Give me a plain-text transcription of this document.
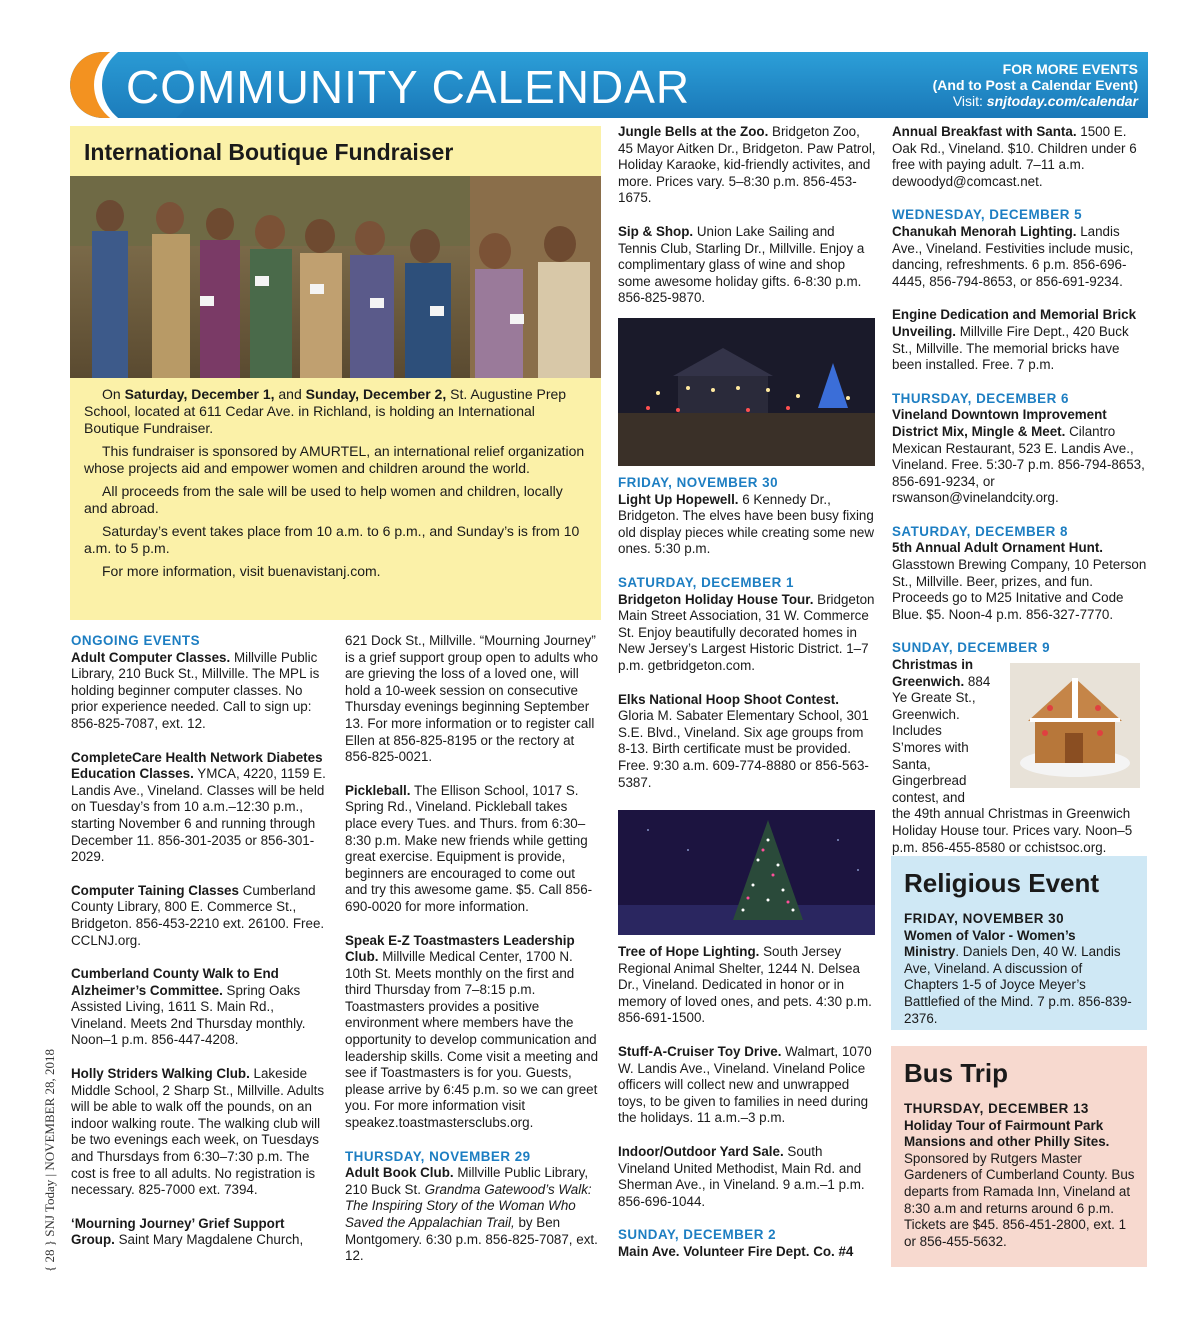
COMMUNITY CALENDAR	FOR MORE EVENTS
(And to Post a Calendar Event)
Visit: snjtoday.com/calendar
International Boutique Fundraiser

On Saturday, December 1, and Sunday, December 2, St. Augustine Prep School, located at 611 Cedar Ave. in Richland, is holding an International Boutique Fundraiser.

This fundraiser is sponsored by AMURTEL, an international relief organization whose projects aid and empower women and children around the world.

All proceeds from the sale will be used to help women and children, locally and abroad.

Saturday’s event takes place from 10 a.m. to 6 p.m., and Sunday’s is from 10 a.m. to 5 p.m.

For more information, visit buenavistanj.com.

ONGOING EVENTS
Adult Computer Classes. Millville Public Library, 210 Buck St., Millville. The MPL is holding beginner computer classes. No prior experience needed. Call to sign up: 856-825-7087, ext. 12.
CompleteCare Health Network Diabetes Education Classes. YMCA, 4220, 1159 E. Landis Ave., Vineland. Classes will be held on Tuesday’s from 10 a.m.–12:30 p.m., starting November 6 and running through December 11. 856-301-2035 or 856-301-2029.
Computer Taining Classes Cumberland County Library, 800 E. Commerce St., Bridgeton. 856-453-2210 ext. 26100. Free. CCLNJ.org.
Cumberland County Walk to End Alzheimer’s Committee. Spring Oaks Assisted Living, 1611 S. Main Rd., Vineland. Meets 2nd Thursday monthly. Noon–1 p.m. 856-447-4208.
Holly Striders Walking Club. Lakeside Middle School, 2 Sharp St., Millville. Adults will be able to walk off the pounds, on an indoor walking route. The walking club will be two evenings each week, on Tuesdays and Thursdays from 6:30–7:30 p.m. The cost is free to all adults. No registration is necessary. 825-7000 ext. 7394.
‘Mourning Journey’ Grief Support Group. Saint Mary Magdalene Church,
621 Dock St., Millville. “Mourning Journey” is a grief support group open to adults who are grieving the loss of a loved one, will hold a 10-week session on consecutive Thursday evenings beginning September 13. For more information or to register call Ellen at 856-825-8195 or the rectory at 856-825-0021.
Pickleball. The Ellison School, 1017 S. Spring Rd., Vineland. Pickleball takes place every Tues. and Thurs. from 6:30–8:30 p.m. Make new friends while getting great exercise. Equipment is provide, beginners are encouraged to come out and try this awesome game. $5. Call 856-690-0020 for more information.
Speak E-Z Toastmasters Leadership Club. Millville Medical Center, 1700 N. 10th St. Meets monthly on the first and third Thursday from 7–8:15 p.m. Toastmasters provides a positive environment where members have the opportunity to develop communication and leadership skills. Come visit a meeting and see if Toastmasters is for you. Guests, please arrive by 6:45 p.m. so we can greet you. For more information visit speakez.toastmastersclubs.org.
THURSDAY, NOVEMBER 29
Adult Book Club. Millville Public Library, 210 Buck St. Grandma Gatewood’s Walk: The Inspiring Story of the Woman Who Saved the Appalachian Trail, by Ben Montgomery. 6:30 p.m. 856-825-7087, ext. 12.
Jungle Bells at the Zoo. Bridgeton Zoo, 45 Mayor Aitken Dr., Bridgeton. Paw Patrol, Holiday Karaoke, kid-friendly activites, and more. Prices vary. 5–8:30 p.m. 856-453-1675.
Sip & Shop. Union Lake Sailing and Tennis Club, Starling Dr., Millville. Enjoy a complimentary glass of wine and shop some awesome holiday gifts. 6-8:30 p.m. 856-825-9870.
FRIDAY, NOVEMBER 30
Light Up Hopewell. 6 Kennedy Dr., Bridgeton. The elves have been busy fixing old display pieces while creating some new ones. 5:30 p.m.
SATURDAY, DECEMBER 1
Bridgeton Holiday House Tour. Bridgeton Main Street Association, 31 W. Commerce St. Enjoy beautifully decorated homes in New Jersey’s Largest Historic District. 1–7 p.m. getbridgeton.com.
Elks National Hoop Shoot Contest. Gloria M. Sabater Elementary School, 301 S.E. Blvd., Vineland. Six age groups from 8-13. Birth certificate must be provided. Free. 9:30 a.m. 609-774-8880 or 856-563-5387.
Tree of Hope Lighting. South Jersey Regional Animal Shelter, 1244 N. Delsea Dr., Vineland. Dedicated in honor or in memory of loved ones, and pets. 4:30 p.m. 856-691-1500.
Stuff-A-Cruiser Toy Drive. Walmart, 1070 W. Landis Ave., Vineland. Vineland Police officers will collect new and unwrapped toys, to be given to families in need during the holidays. 11 a.m.–3 p.m.
Indoor/Outdoor Yard Sale. South Vineland United Methodist, Main Rd. and Sherman Ave., in Vineland. 9 a.m.–1 p.m. 856-696-1044.
SUNDAY, DECEMBER 2
Main Ave. Volunteer Fire Dept. Co. #4
Annual Breakfast with Santa. 1500 E. Oak Rd., Vineland. $10. Children under 6 free with paying adult. 7–11 a.m. dewoodyd@comcast.net.
WEDNESDAY, DECEMBER 5
Chanukah Menorah Lighting. Landis Ave., Vineland. Festivities include music, dancing, refreshments. 6 p.m. 856-696-4445, 856-794-8653, or 856-691-9234.
Engine Dedication and Memorial Brick Unveiling. Millville Fire Dept., 420 Buck St., Millville. The memorial bricks have been installed. Free. 7 p.m.
THURSDAY, DECEMBER 6
Vineland Downtown Improvement District Mix, Mingle & Meet. Cilantro Mexican Restaurant, 523 E. Landis Ave., Vineland. Free. 5:30-7 p.m. 856-794-8653, 856-691-9234, or rswanson@vinelandcity.org.
SATURDAY, DECEMBER 8
5th Annual Adult Ornament Hunt. Glasstown Brewing Company, 10 Peterson St., Millville. Beer, prizes, and fun. Proceeds go to M25 Initative and Code Blue. $5. Noon-4 p.m. 856-327-7770.
SUNDAY, DECEMBER 9
Christmas in Greenwich. 884 Ye Greate St., Greenwich. Includes S’mores with Santa, Gingerbread contest, and
the 49th annual Christmas in Greenwich Holiday House tour. Prices vary. Noon–5 p.m. 856-455-8580 or cchistsoc.org.
Religious Event
FRIDAY, NOVEMBER 30
Women of Valor - Women’s Ministry. Daniels Den, 40 W. Landis Ave, Vineland. A discussion of Chapters 1-5 of Joyce Meyer’s Battlefied of the Mind. 7 p.m. 856-839-2376.
Bus Trip
THURSDAY, DECEMBER 13
Holiday Tour of Fairmount Park Mansions and other Philly Sites. Sponsored by Rutgers Master Gardeners of Cumberland County. Bus departs from Ramada Inn, Vineland at 8:30 a.m and returns around 6 p.m. Tickets are $45. 856-451-2800, ext. 1 or 856-455-5632.
{ 28 } SNJ Today | NOVEMBER 28, 2018
